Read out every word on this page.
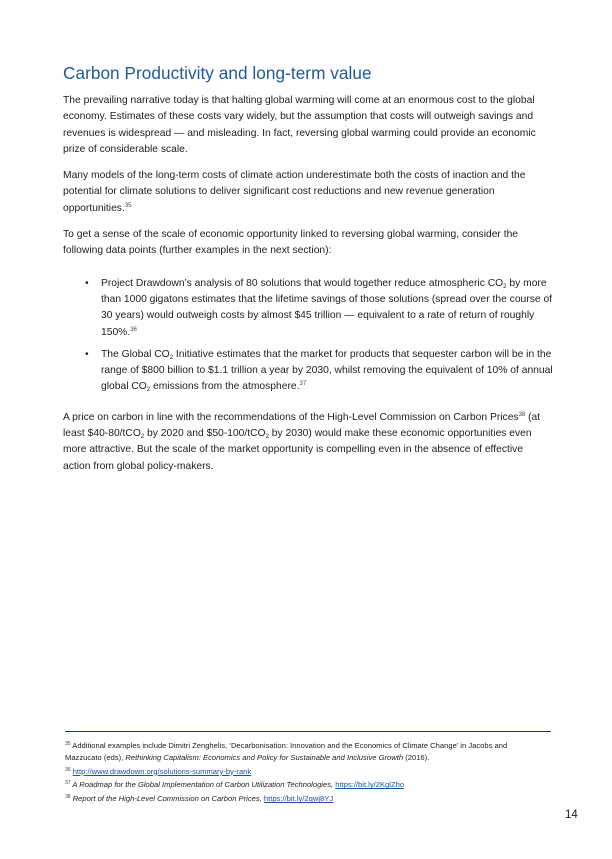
Carbon Productivity and long-term value

The prevailing narrative today is that halting global warming will come at an enormous cost to the global economy. Estimates of these costs vary widely, but the assumption that costs will outweigh savings and revenues is widespread — and misleading. In fact, reversing global warming could provide an economic prize of considerable scale.

Many models of the long-term costs of climate action underestimate both the costs of inaction and the potential for climate solutions to deliver significant cost reductions and new revenue generation opportunities.$^{35}$

To get a sense of the scale of economic opportunity linked to reversing global warming, consider the following data points (further examples in the next section):

• Project Drawdown’s analysis of 80 solutions that would together reduce atmospheric $CO_2$ by more than 1000 gigatons estimates that the lifetime savings of those solutions (spread over the course of 30 years) would outweigh costs by almost $45 trillion — equivalent to a rate of return of roughly 150%.$^{36}$
• The Global $CO_2$ Initiative estimates that the market for products that sequester carbon will be in the range of $800 billion to $1.1 trillion a year by 2030, whilst removing the equivalent of 10% of annual global $CO_2$ emissions from the atmosphere.$^{37}$

A price on carbon in line with the recommendations of the High-Level Commission on Carbon Prices$^{38}$ (at least $40-80/tCO$_2$ by 2020 and $50-100/tCO$_2$ by 2030) would make these economic opportunities even more attractive. But the scale of the market opportunity is compelling even in the absence of effective action from global policy-makers.

$^{35}$ Additional examples include Dimitri Zenghelis, ‘Decarbonisation: Innovation and the Economics of Climate Change’ in Jacobs and Mazzucato (eds), Rethinking Capitalism: Economics and Policy for Sustainable and Inclusive Growth (2016).

$^{36}$ http://www.drawdown.org/solutions-summary-by-rank

$^{37}$ A Roadmap for the Global Implementation of Carbon Utilization Technologies, https://bit.ly/2KglZho

$^{38}$ Report of the High-Level Commission on Carbon Prices, https://bit.ly/2qwj8YJ

14
